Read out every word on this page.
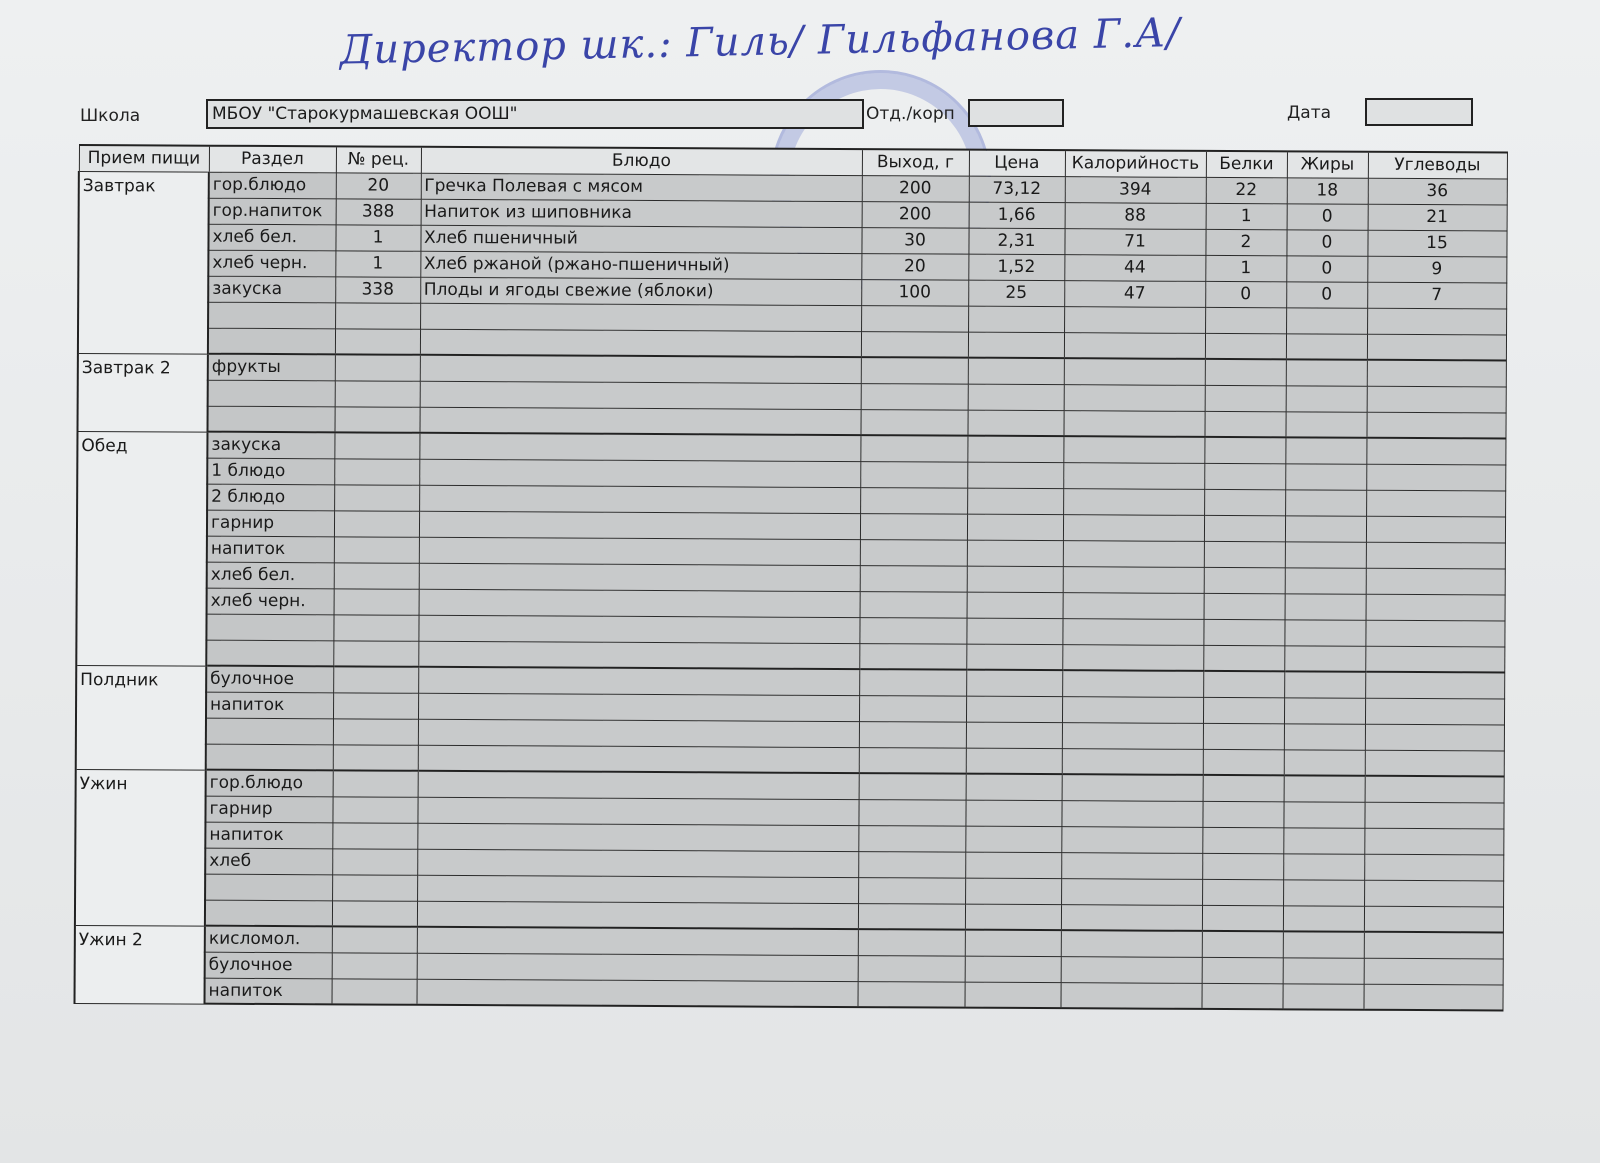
Директор шк.: Гиль/ Гильфанова Г.А/
Школа	МБОУ "Старокурмашевская ООШ"	Отд./корп	Дата
Прием пищи	Раздел	№ рец.	Блюдо	Выход, г	Цена	Калорийность	Белки	Жиры	Углеводы
Завтрак	гор.блюдо	20	Гречка Полевая с мясом	200	73,12	394	22	18	36
	гор.напиток	388	Напиток из шиповника	200	1,66	88	1	0	21
	хлеб бел.	1	Хлеб пшеничный	30	2,31	71	2	0	15
	хлеб черн.	1	Хлеб ржаной (ржано-пшеничный)	20	1,52	44	1	0	9
	закуска	338	Плоды и ягоды свежие (яблоки)	100	25	47	0	0	7

Завтрак 2	фрукты								

Обед	закуска								
	1 блюдо								
	2 блюдо								
	гарнир								
	напиток								
	хлеб бел.								
	хлеб черн.								

Полдник	булочное								
	напиток								

Ужин	гор.блюдо								
	гарнир								
	напиток								
	хлеб								

Ужин 2	кисломол.								
	булочное								
	напиток								
